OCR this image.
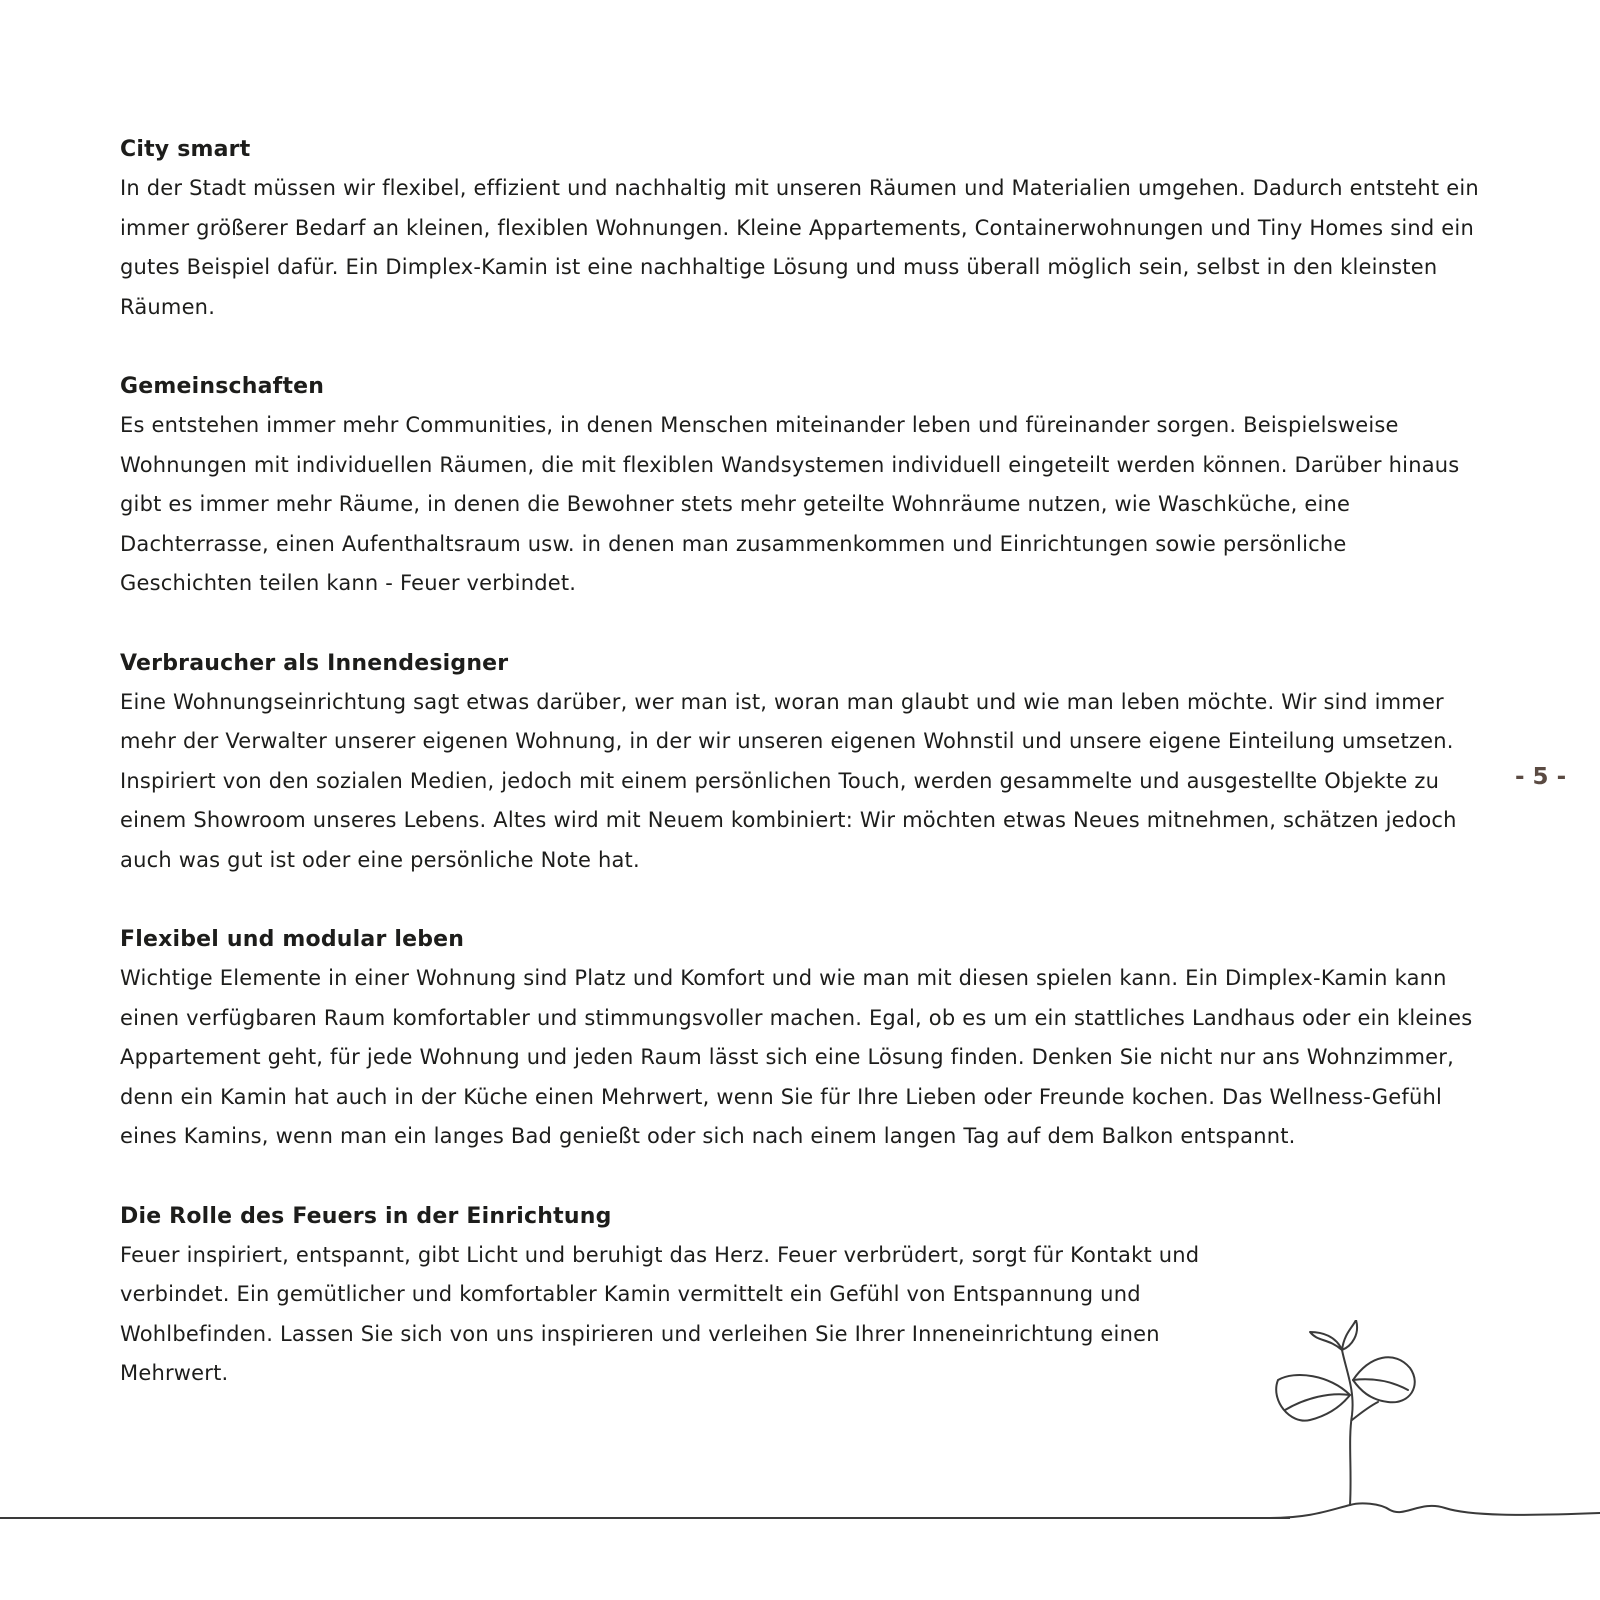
City smart

In der Stadt müssen wir flexibel, effizient und nachhaltig mit unseren Räumen und Materialien umgehen. Dadurch entsteht ein immer größerer Bedarf an kleinen, flexiblen Wohnungen. Kleine Appartements, Containerwohnungen und Tiny Homes sind ein gutes Beispiel dafür. Ein Dimplex-Kamin ist eine nachhaltige Lösung und muss überall möglich sein, selbst in den kleinsten Räumen.

Gemeinschaften

Es entstehen immer mehr Communities, in denen Menschen miteinander leben und füreinander sorgen. Beispielsweise Wohnungen mit individuellen Räumen, die mit flexiblen Wandsystemen individuell eingeteilt werden können. Darüber hinaus gibt es immer mehr Räume, in denen die Bewohner stets mehr geteilte Wohnräume nutzen, wie Waschküche, eine Dachterrasse, einen Aufenthaltsraum usw. in denen man zusammenkommen und Einrichtungen sowie persönliche Geschichten teilen kann - Feuer verbindet.

Verbraucher als Innendesigner

Eine Wohnungseinrichtung sagt etwas darüber, wer man ist, woran man glaubt und wie man leben möchte. Wir sind immer mehr der Verwalter unserer eigenen Wohnung, in der wir unseren eigenen Wohnstil und unsere eigene Einteilung umsetzen. Inspiriert von den sozialen Medien, jedoch mit einem persönlichen Touch, werden gesammelte und ausgestellte Objekte zu einem Showroom unseres Lebens. Altes wird mit Neuem kombiniert: Wir möchten etwas Neues mitnehmen, schätzen jedoch auch was gut ist oder eine persönliche Note hat.

Flexibel und modular leben

Wichtige Elemente in einer Wohnung sind Platz und Komfort und wie man mit diesen spielen kann. Ein Dimplex-Kamin kann einen verfügbaren Raum komfortabler und stimmungsvoller machen. Egal, ob es um ein stattliches Landhaus oder ein kleines Appartement geht, für jede Wohnung und jeden Raum lässt sich eine Lösung finden. Denken Sie nicht nur ans Wohnzimmer, denn ein Kamin hat auch in der Küche einen Mehrwert, wenn Sie für Ihre Lieben oder Freunde kochen. Das Wellness-Gefühl eines Kamins, wenn man ein langes Bad genießt oder sich nach einem langen Tag auf dem Balkon entspannt.

Die Rolle des Feuers in der Einrichtung

Feuer inspiriert, entspannt, gibt Licht und beruhigt das Herz. Feuer verbrüdert, sorgt für Kontakt und verbindet. Ein gemütlicher und komfortabler Kamin vermittelt ein Gefühl von Entspannung und Wohlbefinden. Lassen Sie sich von uns inspirieren und verleihen Sie Ihrer Inneneinrichtung einen Mehrwert.

- 5 -
